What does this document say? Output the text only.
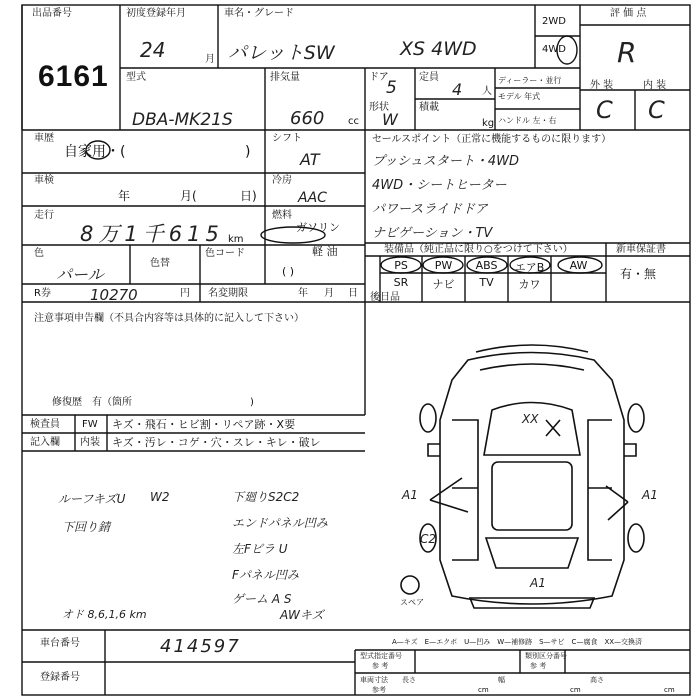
出品番号
6161
初度登録年月
24	月
車名・グレード
パレットSW	XS 4WD
2WD
4WD
評 価 点
R
型式
DBA-MK21S
排気量
660 cc
ドア
5
形状
W
定員
4 人
積載
kg
ディーラー・並行
モデル 年式
ハンドル 左・右
外 装	内 装
C C
車歴
自家用・(	)
シフト
AT
車検
年	月(	日)
冷房
AAC
走行
8万1千615 km
燃料
ガソリン
軽 油
( )
色
パール
色替
色コード
R券	10270	円 名変期限	年 月 日
セールスポイント（正常に機能するものに限ります）
プッシュスタート・4WD
4WD・シートヒーター
パワースライドドア
ナビゲーション・TV
装備品（純正品に限り○をつけて下さい）	新車保証書
有・無
PS	PW	ABS	エアB	AW
SR	ナビ	TV	カワ
注意事項申告欄（不具合内容等は具体的に記入して下さい）
修復歴　有（箇所	)
後日品
検査員
記入欄
FW キズ・飛石・ヒビ割・リペア跡・X要
内装 キズ・汚レ・コゲ・穴・スレ・キレ・破レ
ルーフキズU W2
下回り錆
オド 8,6,1,6 km
下廻りS2C2
エンドパネル凹み
左Fピラ U
Fパネル凹み
ゲーム A S
AWキズ
XX
A1	A1
C2
A1
スペア
A—キズ　E—エクボ　U—凹み　W—補修跡　S—サビ　C—腐食　XX—交換済
車台番号	414597
登録番号
型式指定番号
参 考
類別区分番号
参 考
車両寸法
参考
長さ
cm
幅
cm
高さ
cm
